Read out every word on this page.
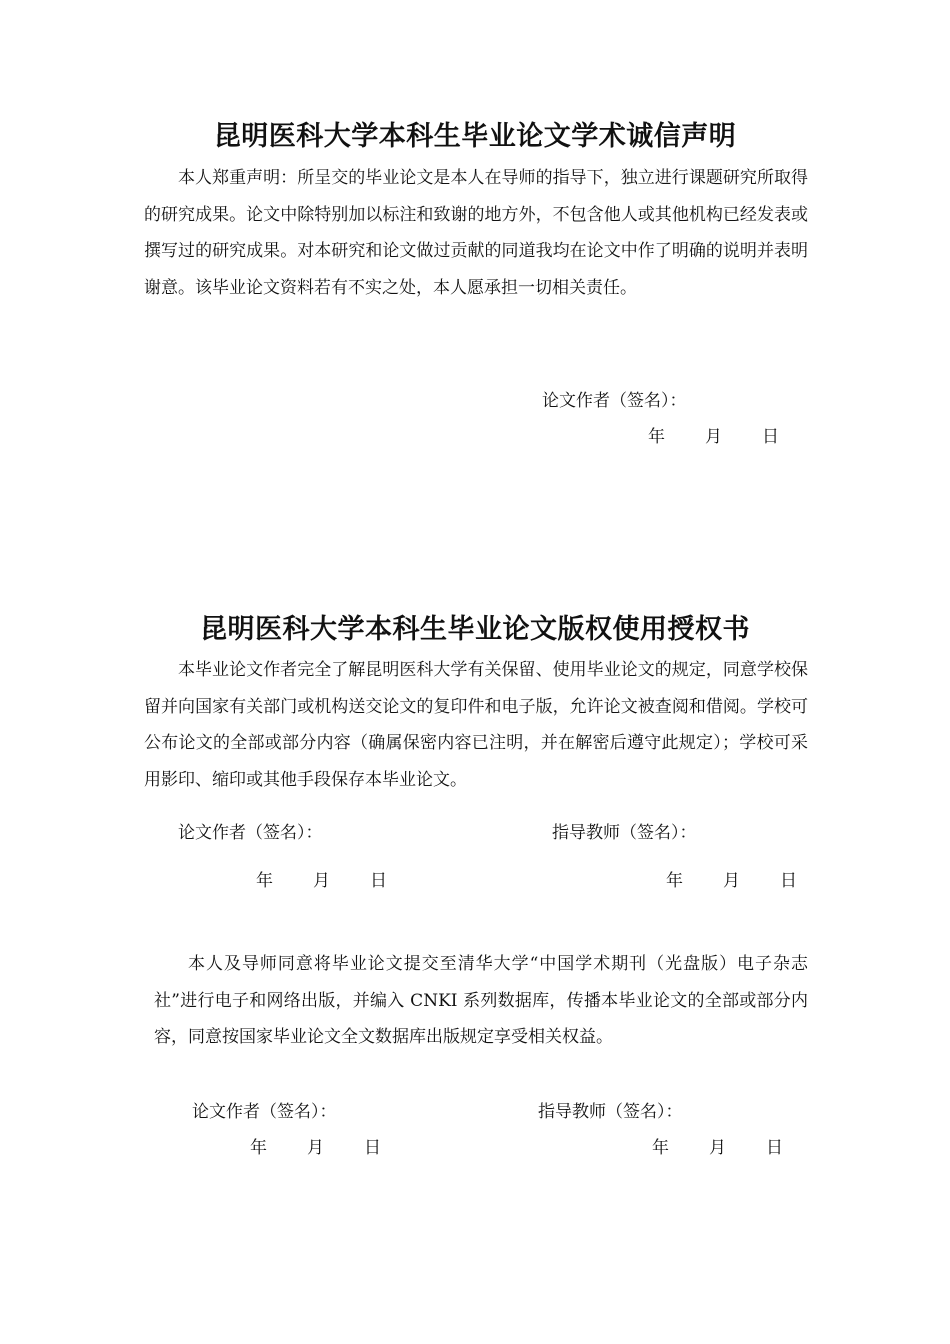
昆明医科大学本科生毕业论文学术诚信声明

本人郑重声明：所呈交的毕业论文是本人在导师的指导下，独立进行课题研究所取得的研究成果。论文中除特别加以标注和致谢的地方外，不包含他人或其他机构已经发表或撰写过的研究成果。对本研究和论文做过贡献的同道我均在论文中作了明确的说明并表明谢意。该毕业论文资料若有不实之处，本人愿承担一切相关责任。

论文作者（签名）：
年 月 日
昆明医科大学本科生毕业论文版权使用授权书

本毕业论文作者完全了解昆明医科大学有关保留、使用毕业论文的规定，同意学校保留并向国家有关部门或机构送交论文的复印件和电子版，允许论文被查阅和借阅。学校可公布论文的全部或部分内容（确属保密内容已注明，并在解密后遵守此规定）；学校可采用影印、缩印或其他手段保存本毕业论文。

论文作者（签名）：	指导教师（签名）：
年 月 日	年 月 日

本人及导师同意将毕业论文提交至清华大学“中国学术期刊（光盘版）电子杂志社”进行电子和网络出版，并编入 CNKI 系列数据库，传播本毕业论文的全部或部分内容，同意按国家毕业论文全文数据库出版规定享受相关权益。

论文作者（签名）：	指导教师（签名）：
年 月 日	年 月 日
